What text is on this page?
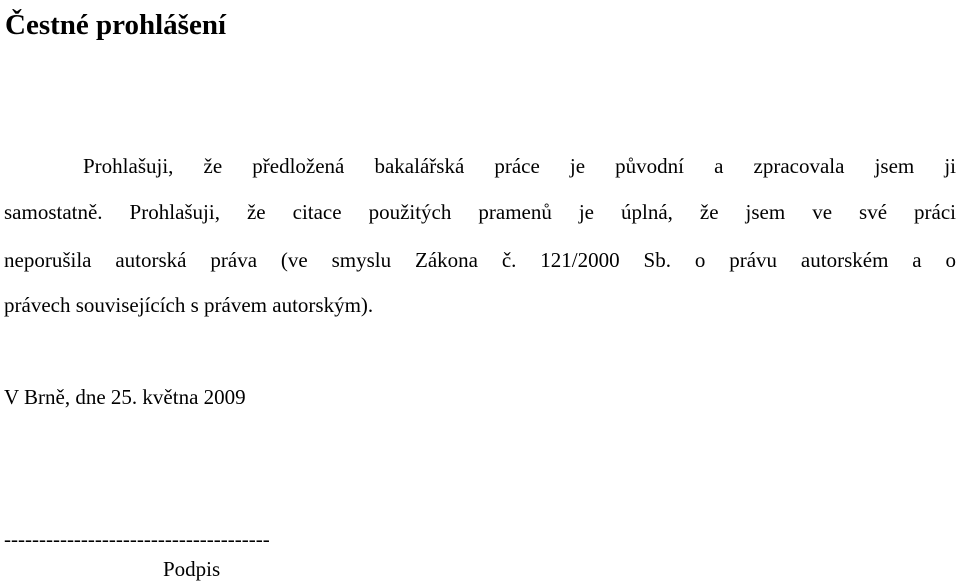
Čestné prohlášení
Prohlašuji, že předložená bakalářská práce je původní a zpracovala jsem ji
samostatně. Prohlašuji, že citace použitých pramenů je úplná, že jsem ve své práci
neporušila autorská práva (ve smyslu Zákona č. 121/2000 Sb. o právu autorském a o
právech souvisejících s právem autorským).
V Brně, dne 25. května 2009
--------------------------------------
Podpis
